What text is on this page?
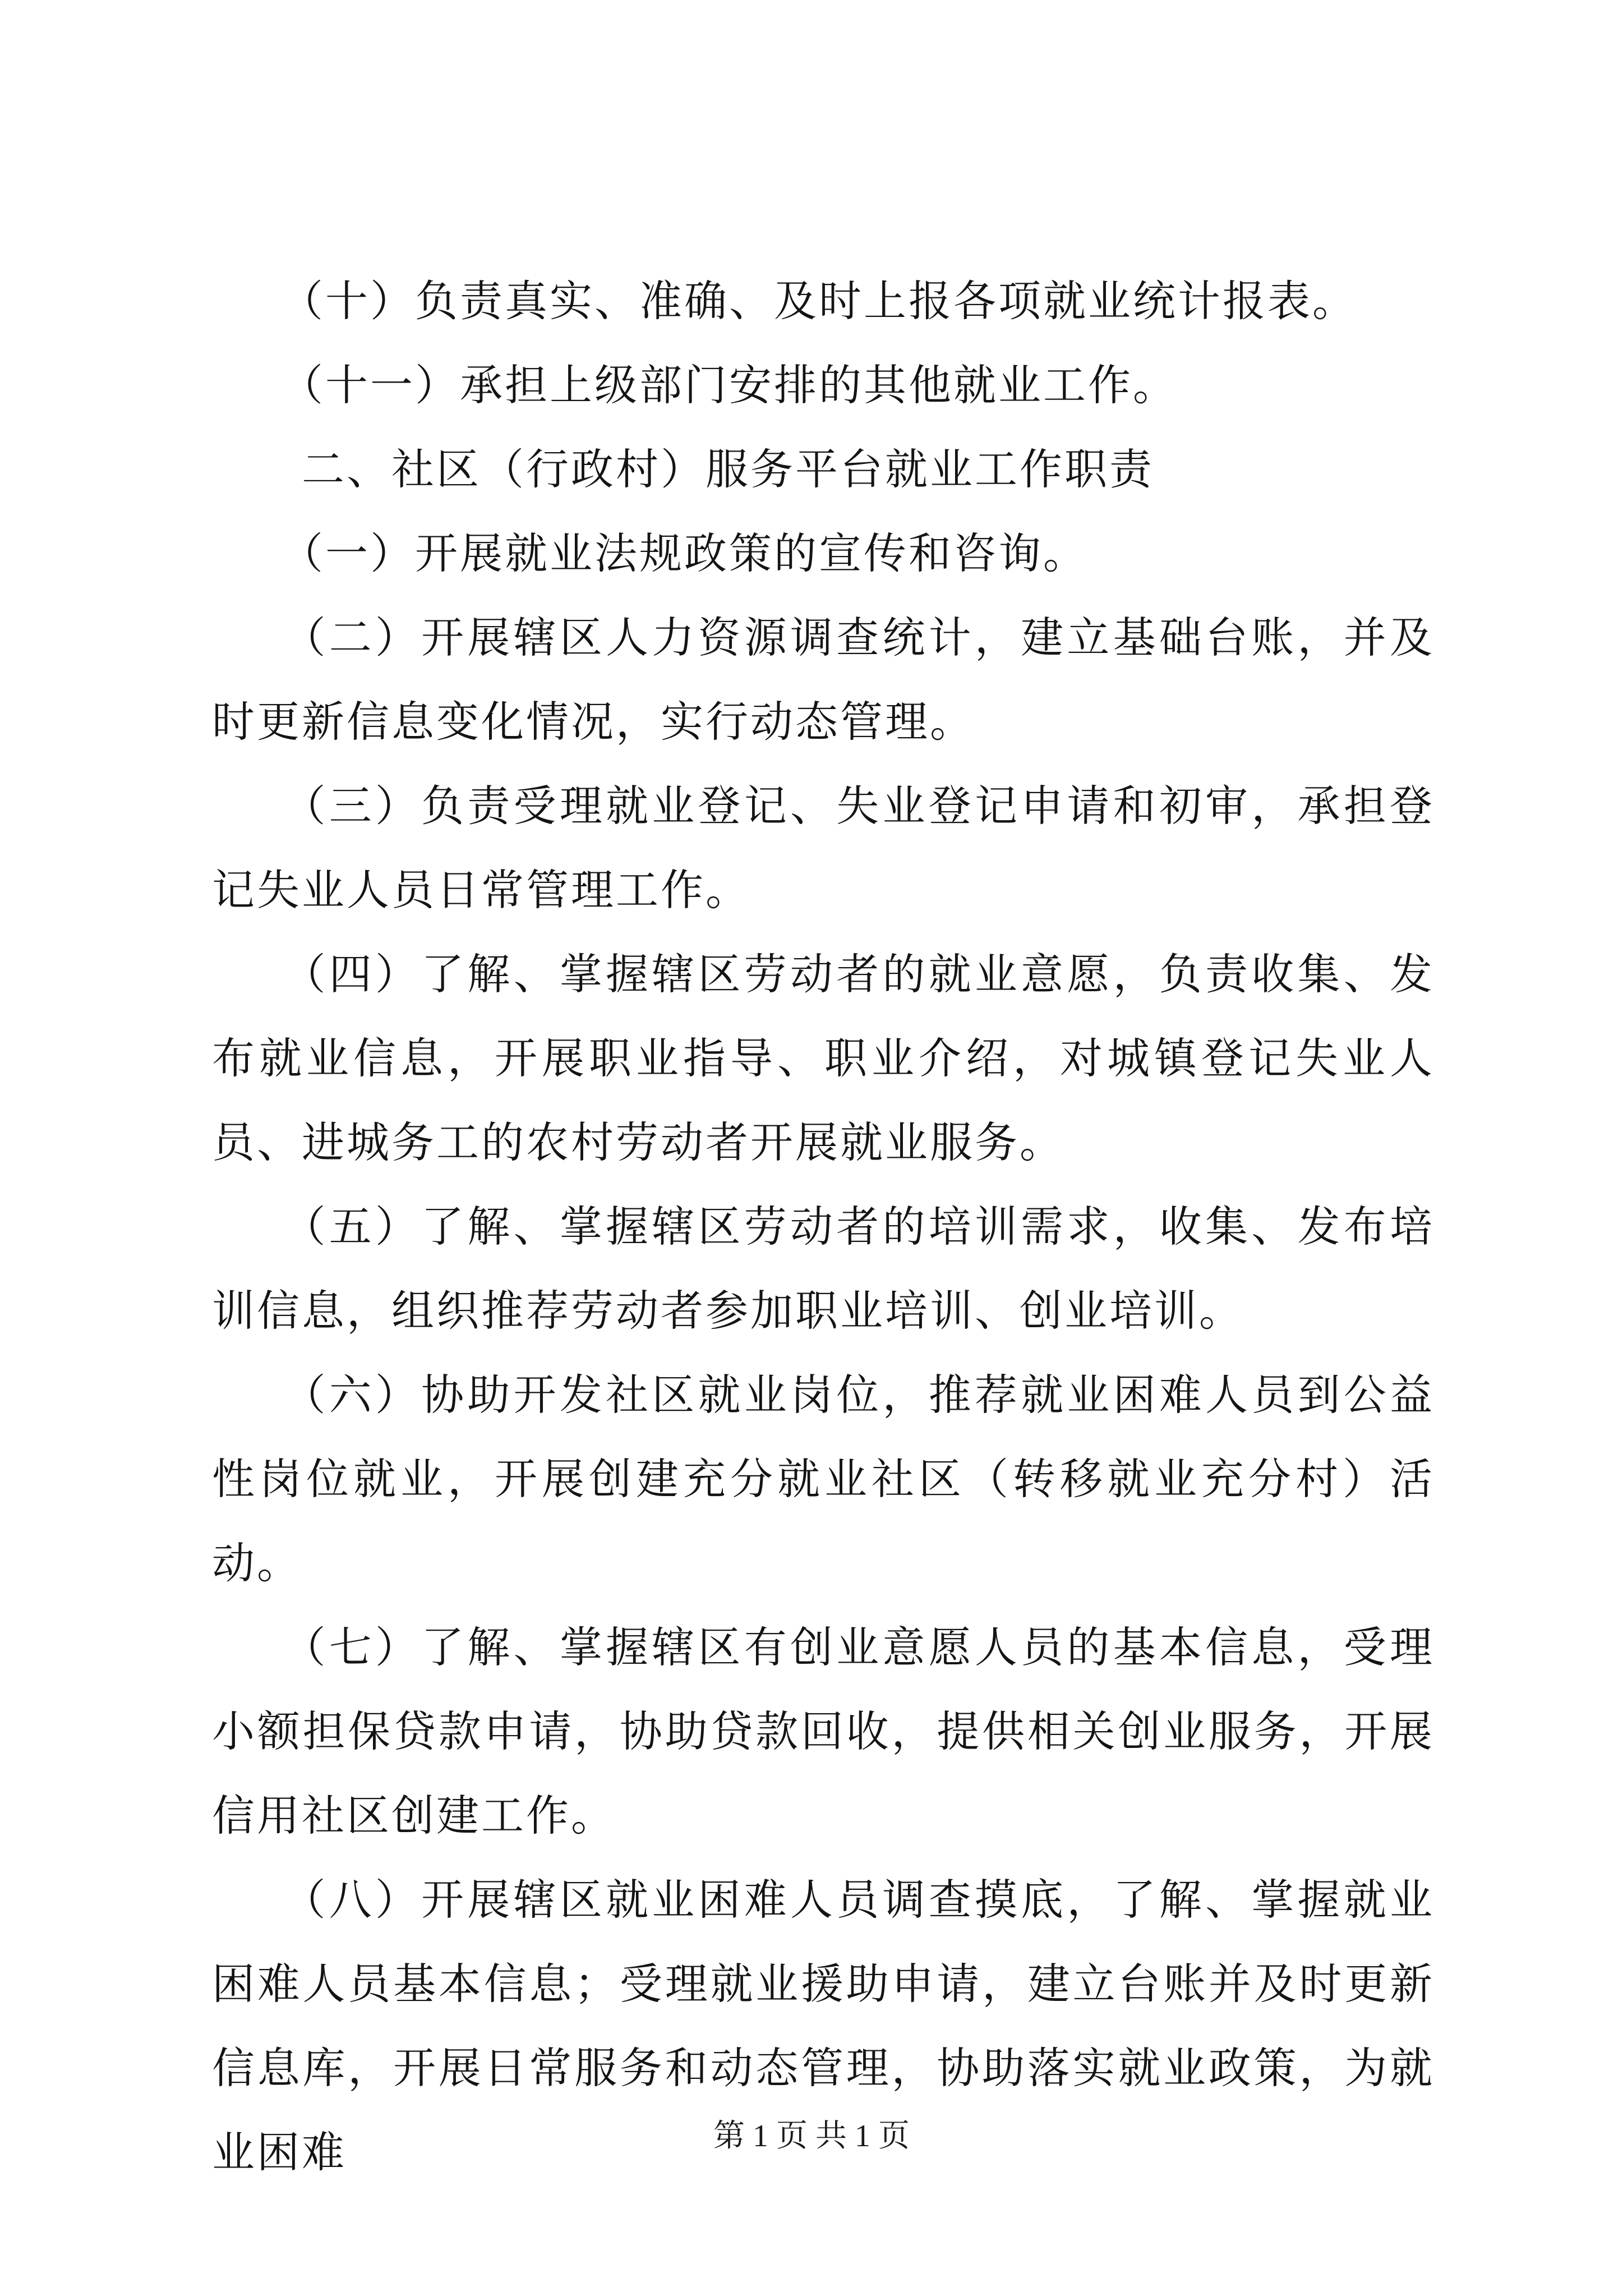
　　（十）负责真实、准确、及时上报各项就业统计报表。

　　（十一）承担上级部门安排的其他就业工作。

　　二、社区（行政村）服务平台就业工作职责

　　（一）开展就业法规政策的宣传和咨询。

　　（二）开展辖区人力资源调查统计，建立基础台账，并及时更新信息变化情况，实行动态管理。

　　（三）负责受理就业登记、失业登记申请和初审，承担登记失业人员日常管理工作。

　　（四）了解、掌握辖区劳动者的就业意愿，负责收集、发布就业信息，开展职业指导、职业介绍，对城镇登记失业人员、进城务工的农村劳动者开展就业服务。

　　（五）了解、掌握辖区劳动者的培训需求，收集、发布培训信息，组织推荐劳动者参加职业培训、创业培训。

　　（六）协助开发社区就业岗位，推荐就业困难人员到公益性岗位就业，开展创建充分就业社区（转移就业充分村）活动。

　　（七）了解、掌握辖区有创业意愿人员的基本信息，受理小额担保贷款申请，协助贷款回收，提供相关创业服务，开展信用社区创建工作。

　　（八）开展辖区就业困难人员调查摸底，了解、掌握就业困难人员基本信息；受理就业援助申请，建立台账并及时更新信息库，开展日常服务和动态管理，协助落实就业政策，为就业困难	第 1 页 共 1 页
